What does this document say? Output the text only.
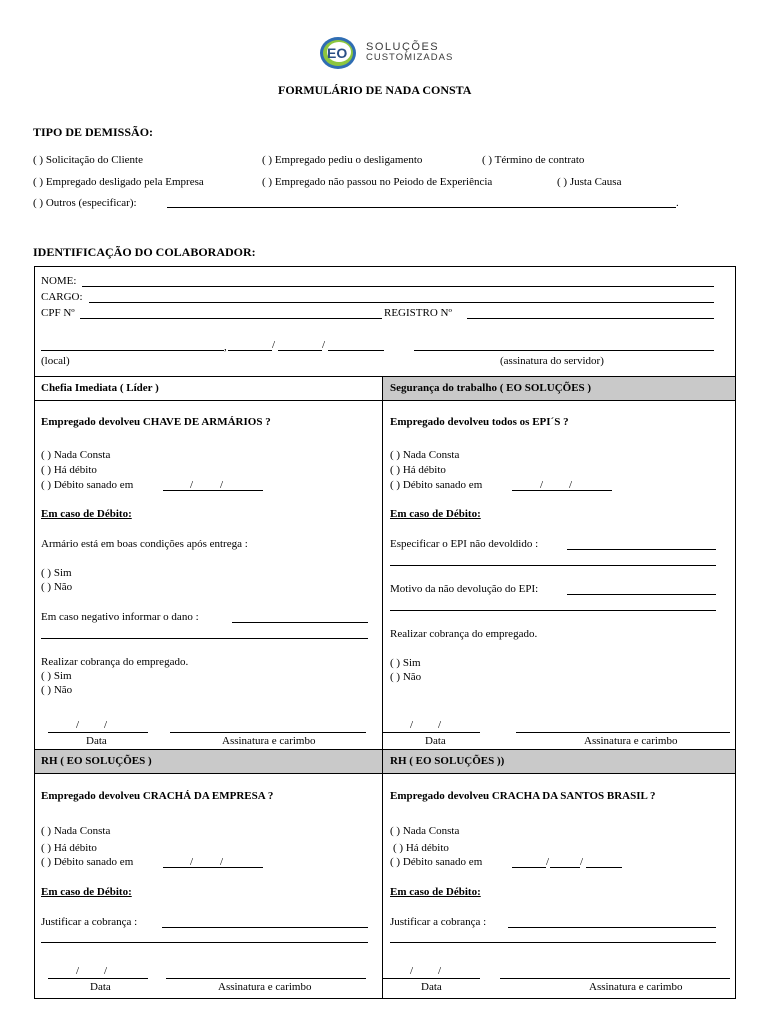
EO SOLUÇÕES
CUSTOMIZADAS
FORMULÁRIO DE NADA CONSTA
TIPO DE DEMISSÃO:
( ) Solicitação do Cliente	( ) Empregado pediu o desligamento	( ) Término de contrato
( ) Empregado desligado pela Empresa	( ) Empregado não passou no Peiodo de Experiência	( ) Justa Causa
( ) Outros (especificar):	.
IDENTIFICAÇÃO DO COLABORADOR:
NOME:
CARGO:
CPF Nº	REGISTRO Nº
,	/	/
(local)	(assinatura do servidor)
Chefia Imediata ( Líder )	Segurança do trabalho ( EO SOLUÇÕES )
Empregado devolveu CHAVE DE ARMÁRIOS ?
( ) Nada Consta
( ) Há débito
( ) Débito sanado em	/ /
Em caso de Débito:
Armário está em boas condições após entrega :
( ) Sim
( ) Não
Em caso negativo informar o dano :
Realizar cobrança do empregado.
( ) Sim
( ) Não
/ /
Data	Assinatura e carimbo
Empregado devolveu todos os EPI´S ?
( ) Nada Consta
( ) Há débito
( ) Débito sanado em	/ /
Em caso de Débito:
Especificar o EPI não devoldido :
Motivo da não devolução do EPI:
Realizar cobrança do empregado.
( ) Sim
( ) Não
/ /
Data	Assinatura e carimbo
RH ( EO SOLUÇÕES )	RH ( EO SOLUÇÕES ))
Empregado devolveu CRACHÁ DA EMPRESA ?
( ) Nada Consta
( ) Há débito
( ) Débito sanado em	/ /
Em caso de Débito:
Justificar a cobrança :
/ /
Data	Assinatura e carimbo
Empregado devolveu CRACHA DA SANTOS BRASIL ?
( ) Nada Consta
( ) Há débito
( ) Débito sanado em	/	/
Em caso de Débito:
Justificar a cobrança :
/ /
Data	Assinatura e carimbo
